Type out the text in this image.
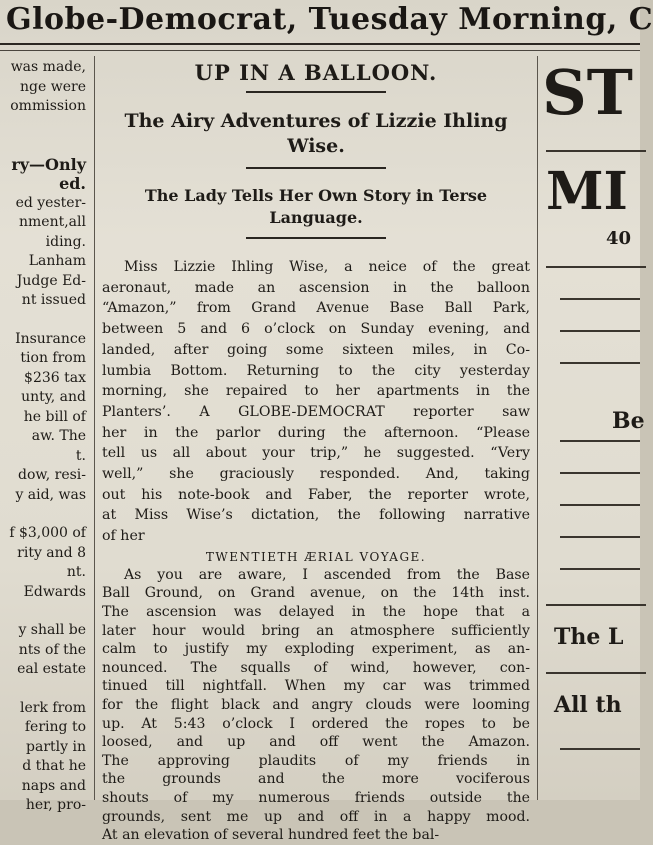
Globe-Democrat, Tuesday Morning, C
was made,
nge were
ommission
ry—Only
ed.
ed yester-
nment,all
iding.
Lanham
Judge Ed-
nt issued
Insurance
tion from
$236 tax
unty, and
he bill of
aw. The
t.
dow, resi-
y aid, was
f $3,000 of
rity and 8
nt.
Edwards
y shall be
nts of the
eal estate
lerk from
fering to
partly in
d that he
naps and
her, pro-
UP IN A BALLOON.
The Airy Adventures of Lizzie Ihling
Wise.
The Lady Tells Her Own Story in Terse
Language.
Miss Lizzie Ihling Wise, a neice of the great
aeronaut, made an ascension in the balloon
“Amazon,” from Grand Avenue Base Ball Park,
between 5 and 6 o’clock on Sunday evening, and
landed, after going some sixteen miles, in Co-
lumbia Bottom. Returning to the city yesterday
morning, she repaired to her apartments in the
Planters’. A GLOBE-DEMOCRAT reporter saw
her in the parlor during the afternoon. “Please
tell us all about your trip,” he suggested. “Very
well,” she graciously responded. And, taking
out his note-book and Faber, the reporter wrote,
at Miss Wise’s dictation, the following narrative
of her
TWENTIETH ÆRIAL VOYAGE.
As you are aware, I ascended from the Base
Ball Ground, on Grand avenue, on the 14th inst.
The ascension was delayed in the hope that a
later hour would bring an atmosphere sufficiently
calm to justify my exploding experiment, as an-
nounced. The squalls of wind, however, con-
tinued till nightfall. When my car was trimmed
for the flight black and angry clouds were looming
up. At 5:43 o’clock I ordered the ropes to be
loosed, and up and off went the Amazon.
The approving plaudits of my friends in
the grounds and the more vociferous
shouts of my numerous friends outside the
grounds, sent me up and off in a happy mood.
At an elevation of several hundred feet the bal-
ST
MI
40
Be
The L
All th
